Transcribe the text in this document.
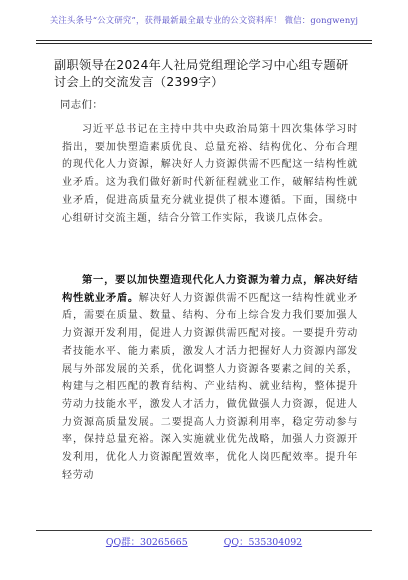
关注头条号“公文研究”，获得最新最全最专业的公文资料库！ 微信：gongwenyj
副职领导在2024年人社局党组理论学习中心组专题研讨会上的交流发言（2399字）
同志们：

习近平总书记在主持中共中央政治局第十四次集体学习时指出，要加快塑造素质优良、总量充裕、结构优化、分布合理的现代化人力资源，解决好人力资源供需不匹配这一结构性就业矛盾。这为我们做好新时代新征程就业工作，破解结构性就业矛盾，促进高质量充分就业提供了根本遵循。下面，围绕中心组研讨交流主题，结合分管工作实际，我谈几点体会。

第一，要以加快塑造现代化人力资源为着力点，解决好结构性就业矛盾。解决好人力资源供需不匹配这一结构性就业矛盾，需要在质量、数量、结构、分布上综合发力我们要加强人力资源开发利用，促进人力资源供需匹配对接。一要提升劳动者技能水平、能力素质，激发人才活力把握好人力资源内部发展与外部发展的关系，优化调整人力资源各要素之间的关系，构建与之相匹配的教育结构、产业结构、就业结构，整体提升劳动力技能水平，激发人才活力，做优做强人力资源，促进人力资源高质量发展。二要提高人力资源利用率，稳定劳动参与率，保持总量充裕。深入实施就业优先战略，加强人力资源开发利用，优化人力资源配置效率，优化人岗匹配效率。提升年轻劳动

QQ群：30265665	QQ：535304092
